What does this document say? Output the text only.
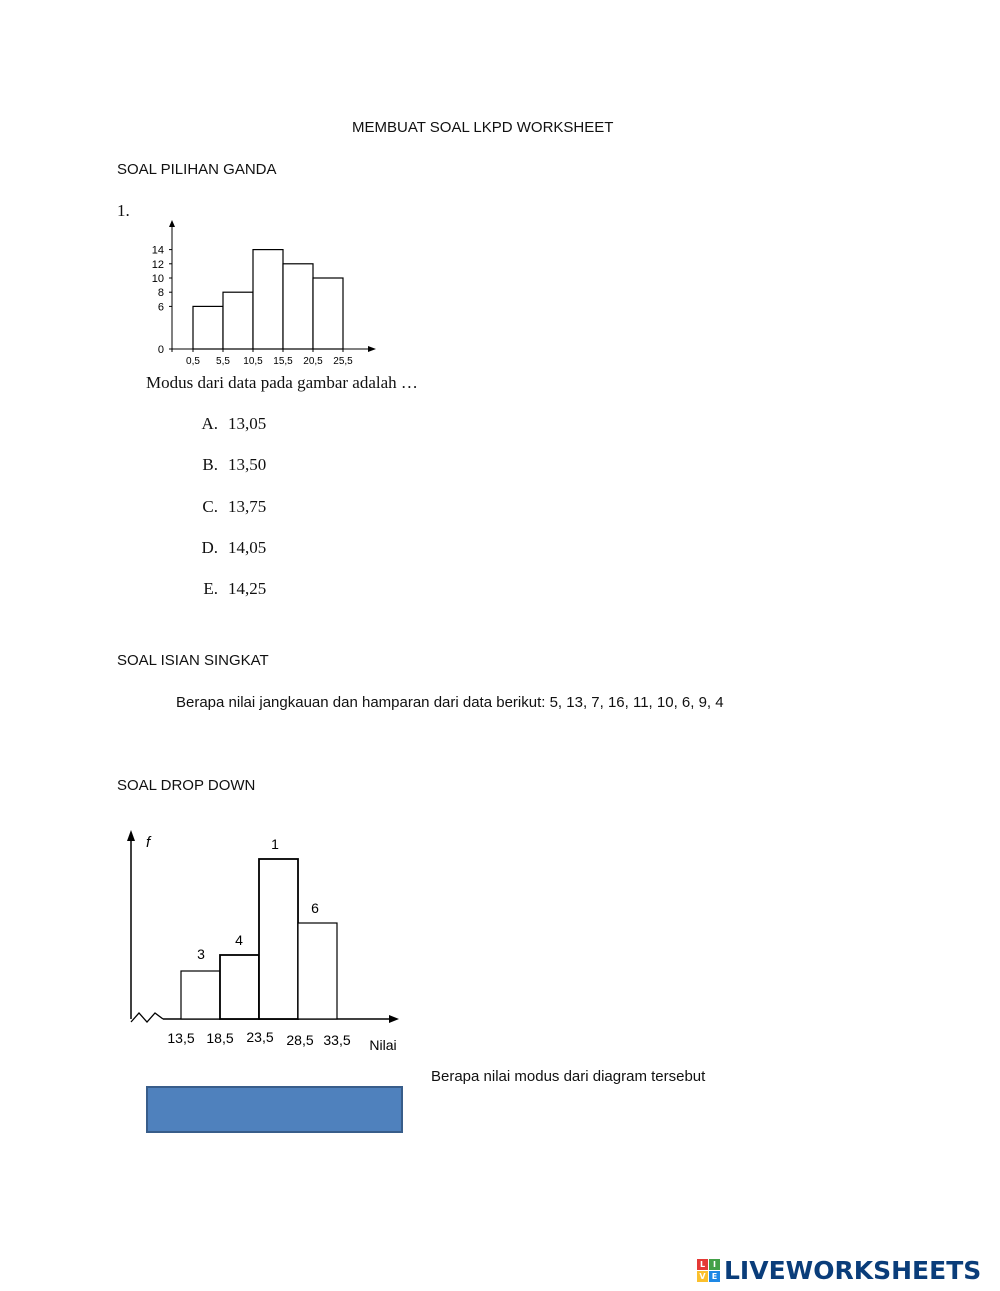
MEMBUAT SOAL LKPD WORKSHEET
SOAL PILIHAN GANDA
1.
0
6
8
10
12
14
0,5 5,5 10,5 15,5 20,5 25,5
Modus dari data pada gambar adalah …
A. 13,05
B. 13,50
C. 13,75
D. 14,05
E. 14,25
SOAL ISIAN SINGKAT
Berapa nilai jangkauan dan hamparan dari data berikut: 5, 13, 7, 16, 11, 10, 6, 9, 4
SOAL DROP DOWN
f
3
4
1
6
13,5 18,5 23,5 28,5 33,5 Nilai
Berapa nilai modus dari diagram tersebut
L I
V E LIVEWORKSHEETS
